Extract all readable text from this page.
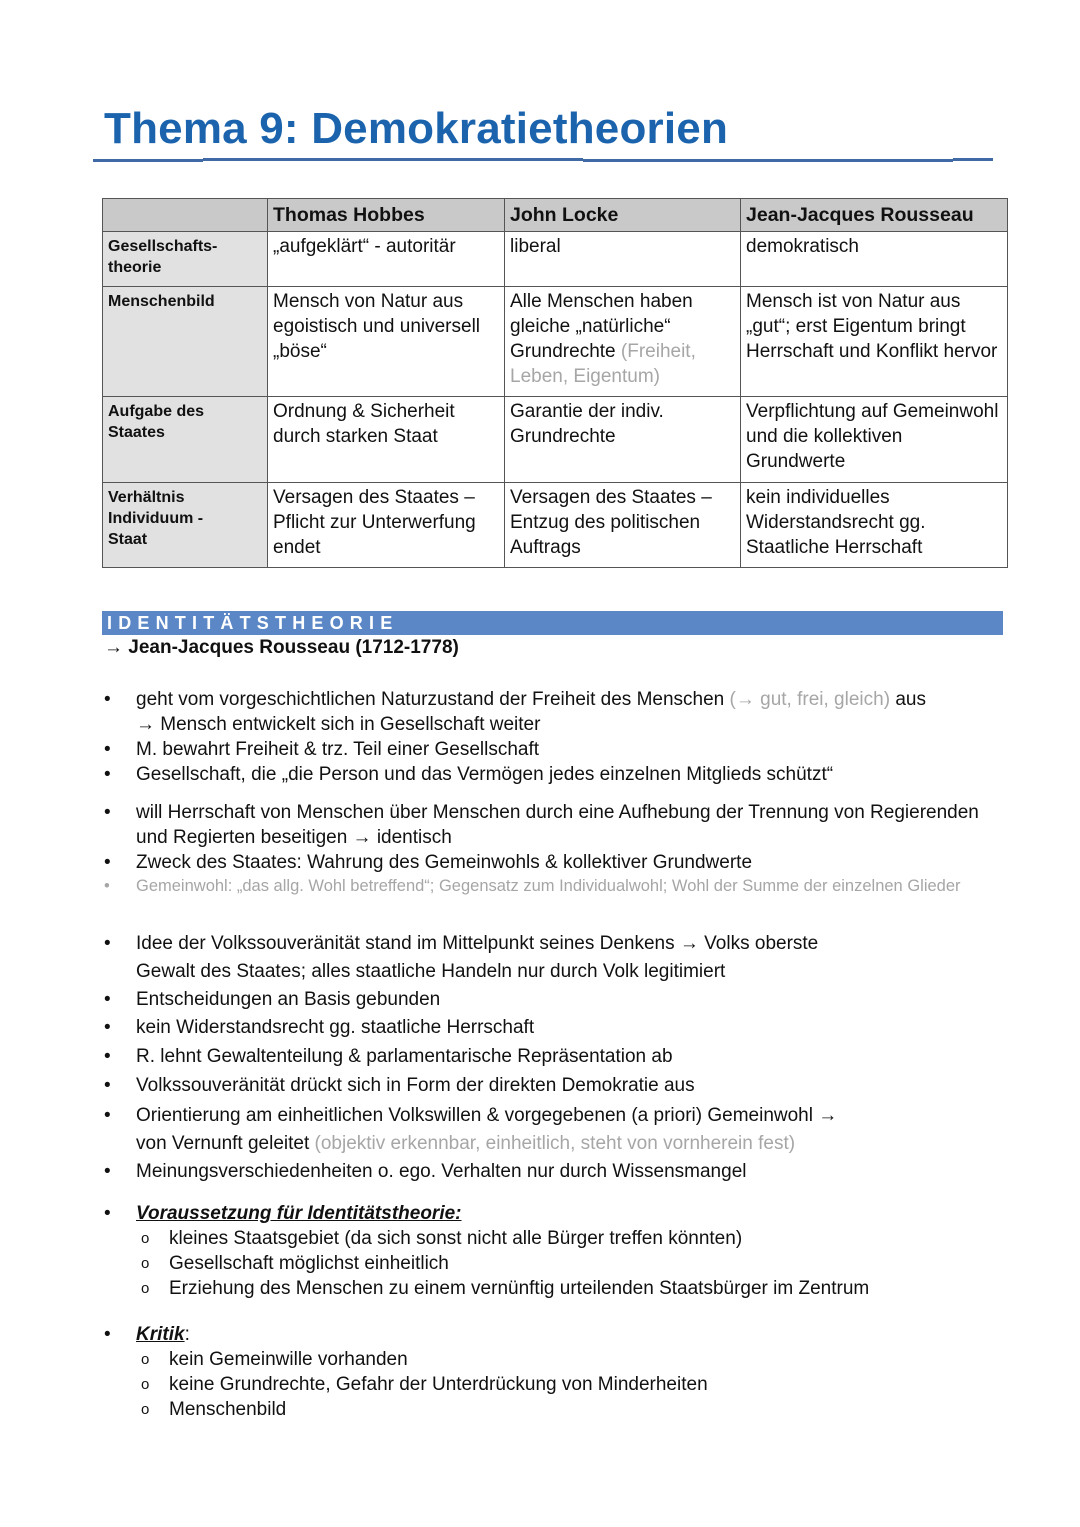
Thema 9: Demokratietheorien
	Thomas Hobbes	John Locke	Jean-Jacques Rousseau
Gesellschafts-
theorie	„aufgeklärt“ - autoritär	liberal	demokratisch
Menschenbild	Mensch von Natur aus egoistisch und universell „böse“	Alle Menschen haben gleiche „natürliche“ Grundrechte (Freiheit, Leben, Eigentum)	Mensch ist von Natur aus „gut“; erst Eigentum bringt Herrschaft und Konflikt hervor
Aufgabe des
Staates	Ordnung & Sicherheit durch starken Staat	Garantie der indiv. Grundrechte	Verpflichtung auf Gemeinwohl und die kollektiven Grundwerte
Verhältnis
Individuum -
Staat	Versagen des Staates – Pflicht zur Unterwerfung endet	Versagen des Staates – Entzug des politischen Auftrags	kein individuelles Widerstandsrecht gg. Staatliche Herrschaft
IDENTITÄTSTHEORIE
→ Jean-Jacques Rousseau (1712-1778)
• geht vom vorgeschichtlichen Naturzustand der Freiheit des Menschen (→ gut, frei, gleich) aus → Mensch entwickelt sich in Gesellschaft weiter
• M. bewahrt Freiheit & trz. Teil einer Gesellschaft
• Gesellschaft, die „die Person und das Vermögen jedes einzelnen Mitglieds schützt“
• will Herrschaft von Menschen über Menschen durch eine Aufhebung der Trennung von Regierenden und Regierten beseitigen → identisch
• Zweck des Staates: Wahrung des Gemeinwohls & kollektiver Grundwerte
•	Gemeinwohl: „das allg. Wohl betreffend“; Gegensatz zum Individualwohl; Wohl der Summe der einzelnen Glieder
• Idee der Volkssouveränität stand im Mittelpunkt seines Denkens → Volks oberste
Gewalt des Staates; alles staatliche Handeln nur durch Volk legitimiert
• Entscheidungen an Basis gebunden
• kein Widerstandsrecht gg. staatliche Herrschaft
• R. lehnt Gewaltenteilung & parlamentarische Repräsentation ab
• Volkssouveränität drückt sich in Form der direkten Demokratie aus
• Orientierung am einheitlichen Volkswillen & vorgegebenen (a priori) Gemeinwohl →
von Vernunft geleitet (objektiv erkennbar, einheitlich, steht von vornherein fest)
• Meinungsverschiedenheiten o. ego. Verhalten nur durch Wissensmangel
• Voraussetzung für Identitätstheorie:
o kleines Staatsgebiet (da sich sonst nicht alle Bürger treffen könnten)
o Gesellschaft möglichst einheitlich
o Erziehung des Menschen zu einem vernünftig urteilenden Staatsbürger im Zentrum
• Kritik:
o kein Gemeinwille vorhanden
o keine Grundrechte, Gefahr der Unterdrückung von Minderheiten
o Menschenbild
